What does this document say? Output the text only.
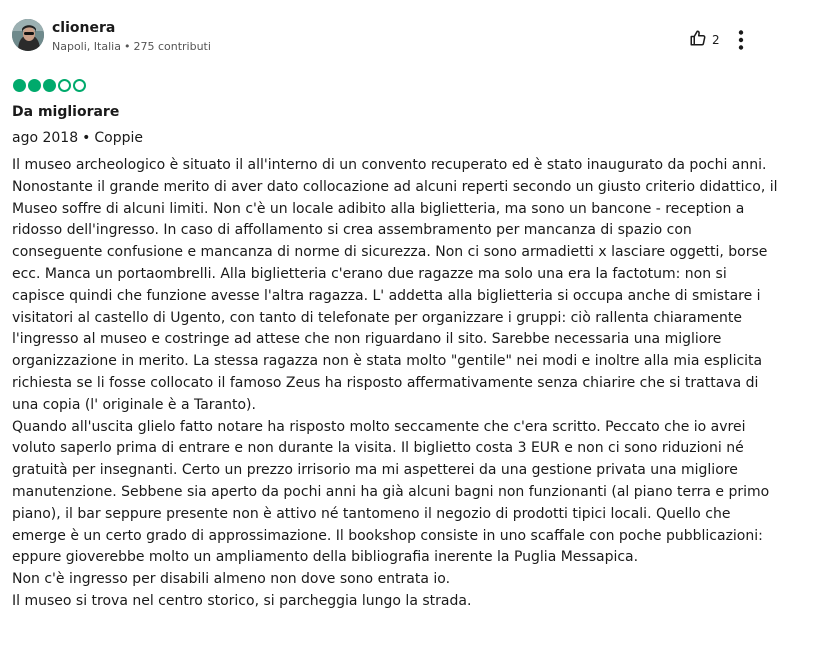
clionera
Napoli, Italia • 275 contributi	2
Da migliorare
ago 2018 • Coppie

Il museo archeologico è situato il all'interno di un convento recuperato ed è stato inaugurato da pochi anni.

Nonostante il grande merito di aver dato collocazione ad alcuni reperti secondo un giusto criterio didattico, il Museo soffre di alcuni limiti. Non c'è un locale adibito alla biglietteria, ma sono un bancone - reception a ridosso dell'ingresso. In caso di affollamento si crea assembramento per mancanza di spazio con conseguente confusione e mancanza di norme di sicurezza. Non ci sono armadietti x lasciare oggetti, borse ecc. Manca un portaombrelli. Alla biglietteria c'erano due ragazze ma solo una era la factotum: non si capisce quindi che funzione avesse l'altra ragazza. L' addetta alla biglietteria si occupa anche di smistare i visitatori al castello di Ugento, con tanto di telefonate per organizzare i gruppi: ciò rallenta chiaramente l'ingresso al museo e costringe ad attese che non riguardano il sito. Sarebbe necessaria una migliore organizzazione in merito. La stessa ragazza non è stata molto "gentile" nei modi e inoltre alla mia esplicita richiesta se li fosse collocato il famoso Zeus ha risposto affermativamente senza chiarire che si trattava di una copia (l' originale è a Taranto).

Quando all'uscita glielo fatto notare ha risposto molto seccamente che c'era scritto. Peccato che io avrei voluto saperlo prima di entrare e non durante la visita. Il biglietto costa 3 EUR e non ci sono riduzioni né gratuità per insegnanti. Certo un prezzo irrisorio ma mi aspetterei da una gestione privata una migliore manutenzione. Sebbene sia aperto da pochi anni ha già alcuni bagni non funzionanti (al piano terra e primo piano), il bar seppure presente non è attivo né tantomeno il negozio di prodotti tipici locali. Quello che emerge è un certo grado di approssimazione. Il bookshop consiste in uno scaffale con poche pubblicazioni: eppure gioverebbe molto un ampliamento della bibliografia inerente la Puglia Messapica.

Non c'è ingresso per disabili almeno non dove sono entrata io.

Il museo si trova nel centro storico, si parcheggia lungo la strada.
